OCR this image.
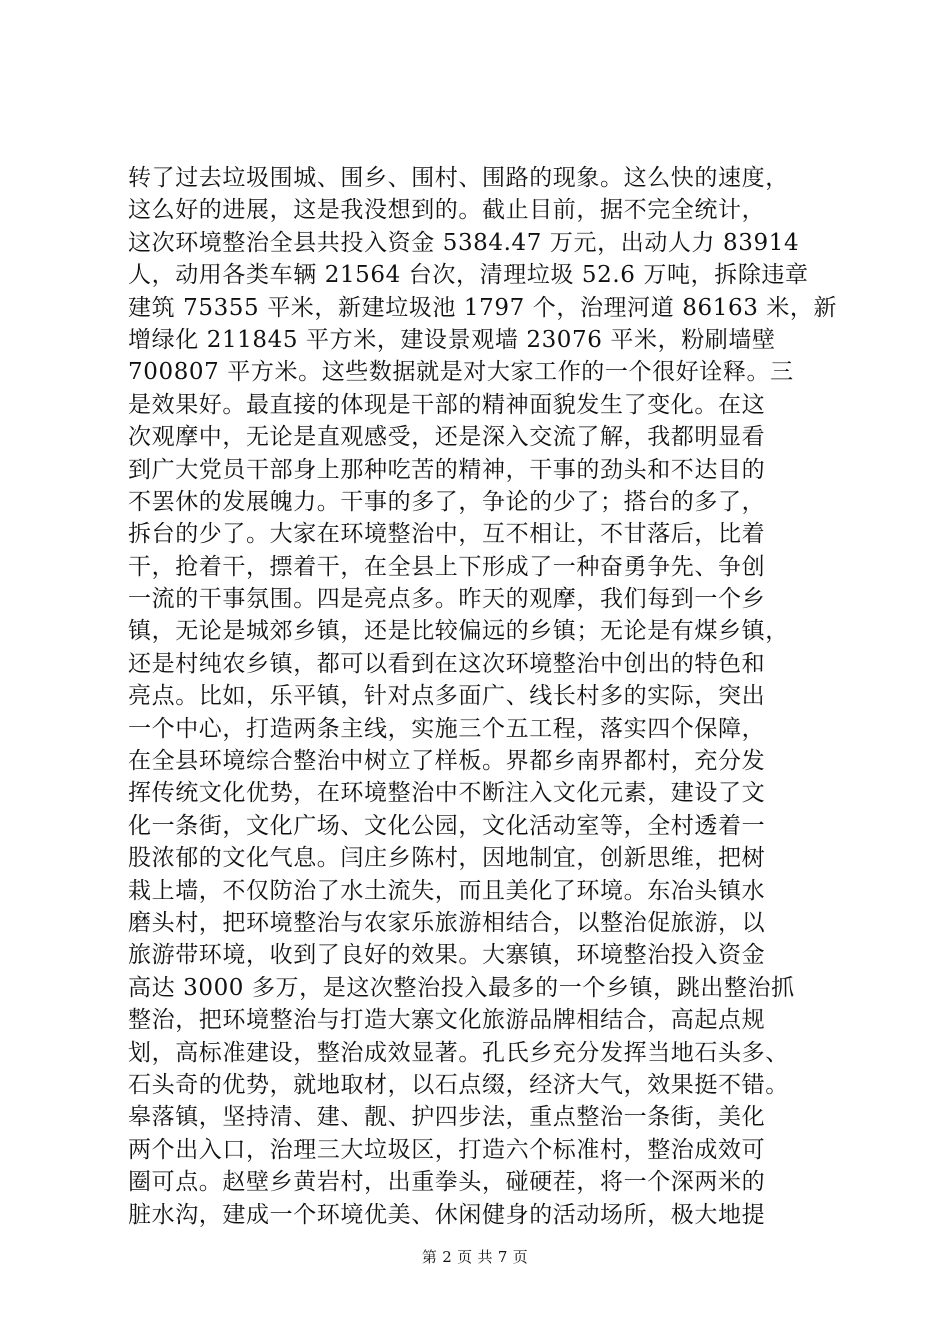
转了过去垃圾围城、围乡、围村、围路的现象。这么快的速度，
这么好的进展，这是我没想到的。截止目前，据不完全统计，
这次环境整治全县共投入资金 5384.47 万元，出动人力 83914
人，动用各类车辆 21564 台次，清理垃圾 52.6 万吨，拆除违章
建筑 75355 平米，新建垃圾池 1797 个，治理河道 86163 米，新
增绿化 211845 平方米，建设景观墙 23076 平米，粉刷墙壁
700807 平方米。这些数据就是对大家工作的一个很好诠释。三
是效果好。最直接的体现是干部的精神面貌发生了变化。在这
次观摩中，无论是直观感受，还是深入交流了解，我都明显看
到广大党员干部身上那种吃苦的精神，干事的劲头和不达目的
不罢休的发展魄力。干事的多了，争论的少了；搭台的多了，
拆台的少了。大家在环境整治中，互不相让，不甘落后，比着
干，抢着干，摽着干，在全县上下形成了一种奋勇争先、争创
一流的干事氛围。四是亮点多。昨天的观摩，我们每到一个乡
镇，无论是城郊乡镇，还是比较偏远的乡镇；无论是有煤乡镇，
还是村纯农乡镇，都可以看到在这次环境整治中创出的特色和
亮点。比如，乐平镇，针对点多面广、线长村多的实际，突出
一个中心，打造两条主线，实施三个五工程，落实四个保障，
在全县环境综合整治中树立了样板。界都乡南界都村，充分发
挥传统文化优势，在环境整治中不断注入文化元素，建设了文
化一条街，文化广场、文化公园，文化活动室等，全村透着一
股浓郁的文化气息。闫庄乡陈村，因地制宜，创新思维，把树
栽上墙，不仅防治了水土流失，而且美化了环境。东冶头镇水
磨头村，把环境整治与农家乐旅游相结合，以整治促旅游，以
旅游带环境，收到了良好的效果。大寨镇，环境整治投入资金
高达 3000 多万，是这次整治投入最多的一个乡镇，跳出整治抓
整治，把环境整治与打造大寨文化旅游品牌相结合，高起点规
划，高标准建设，整治成效显著。孔氏乡充分发挥当地石头多、
石头奇的优势，就地取材，以石点缀，经济大气，效果挺不错。
皋落镇，坚持清、建、靓、护四步法，重点整治一条街，美化
两个出入口，治理三大垃圾区，打造六个标准村，整治成效可
圈可点。赵壁乡黄岩村，出重拳头，碰硬茬，将一个深两米的
脏水沟，建成一个环境优美、休闲健身的活动场所，极大地提
第 2 页 共 7 页
